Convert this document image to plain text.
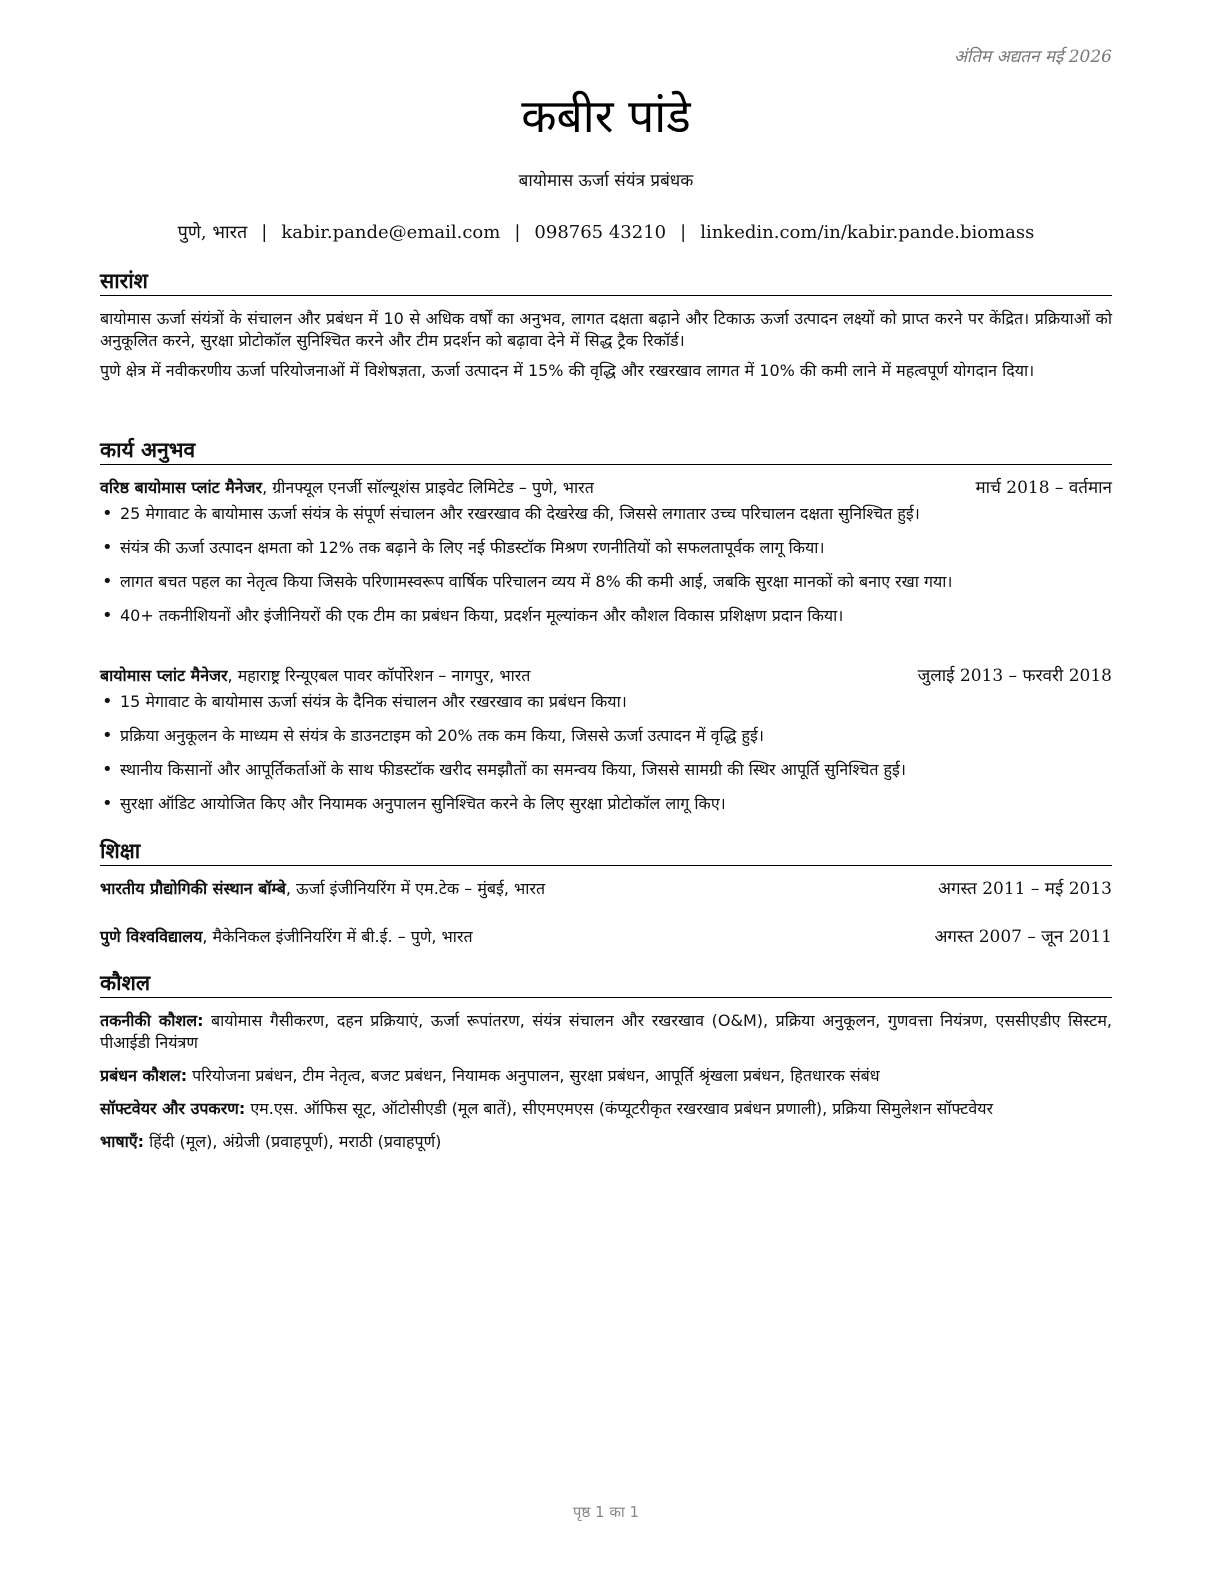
अंतिम अद्यतन मई 2026
कबीर पांडे
बायोमास ऊर्जा संयंत्र प्रबंधक
पुणे, भारत | kabir.pande@email.com | 098765 43210 | linkedin.com/in/kabir.pande.biomass
सारांश

बायोमास ऊर्जा संयंत्रों के संचालन और प्रबंधन में 10 से अधिक वर्षों का अनुभव, लागत दक्षता बढ़ाने और टिकाऊ ऊर्जा उत्पादन लक्ष्यों को प्राप्त करने पर केंद्रित। प्रक्रियाओं को अनुकूलित करने, सुरक्षा प्रोटोकॉल सुनिश्चित करने और टीम प्रदर्शन को बढ़ावा देने में सिद्ध ट्रैक रिकॉर्ड।

पुणे क्षेत्र में नवीकरणीय ऊर्जा परियोजनाओं में विशेषज्ञता, ऊर्जा उत्पादन में 15% की वृद्धि और रखरखाव लागत में 10% की कमी लाने में महत्वपूर्ण योगदान दिया।

कार्य अनुभव
वरिष्ठ बायोमास प्लांट मैनेजर, ग्रीनफ्यूल एनर्जी सॉल्यूशंस प्राइवेट लिमिटेड – पुणे, भारत	मार्च 2018 – वर्तमान
• 25 मेगावाट के बायोमास ऊर्जा संयंत्र के संपूर्ण संचालन और रखरखाव की देखरेख की, जिससे लगातार उच्च परिचालन दक्षता सुनिश्चित हुई।
• संयंत्र की ऊर्जा उत्पादन क्षमता को 12% तक बढ़ाने के लिए नई फीडस्टॉक मिश्रण रणनीतियों को सफलतापूर्वक लागू किया।
• लागत बचत पहल का नेतृत्व किया जिसके परिणामस्वरूप वार्षिक परिचालन व्यय में 8% की कमी आई, जबकि सुरक्षा मानकों को बनाए रखा गया।
• 40+ तकनीशियनों और इंजीनियरों की एक टीम का प्रबंधन किया, प्रदर्शन मूल्यांकन और कौशल विकास प्रशिक्षण प्रदान किया।
बायोमास प्लांट मैनेजर, महाराष्ट्र रिन्यूएबल पावर कॉर्पोरेशन – नागपुर, भारत	जुलाई 2013 – फरवरी 2018
• 15 मेगावाट के बायोमास ऊर्जा संयंत्र के दैनिक संचालन और रखरखाव का प्रबंधन किया।
• प्रक्रिया अनुकूलन के माध्यम से संयंत्र के डाउनटाइम को 20% तक कम किया, जिससे ऊर्जा उत्पादन में वृद्धि हुई।
• स्थानीय किसानों और आपूर्तिकर्ताओं के साथ फीडस्टॉक खरीद समझौतों का समन्वय किया, जिससे सामग्री की स्थिर आपूर्ति सुनिश्चित हुई।
• सुरक्षा ऑडिट आयोजित किए और नियामक अनुपालन सुनिश्चित करने के लिए सुरक्षा प्रोटोकॉल लागू किए।
शिक्षा
भारतीय प्रौद्योगिकी संस्थान बॉम्बे, ऊर्जा इंजीनियरिंग में एम.टेक – मुंबई, भारत	अगस्त 2011 – मई 2013
पुणे विश्वविद्यालय, मैकेनिकल इंजीनियरिंग में बी.ई. – पुणे, भारत	अगस्त 2007 – जून 2011
कौशल

तकनीकी कौशल: बायोमास गैसीकरण, दहन प्रक्रियाएं, ऊर्जा रूपांतरण, संयंत्र संचालन और रखरखाव (O&M), प्रक्रिया अनुकूलन, गुणवत्ता नियंत्रण, एससीएडीए सिस्टम, पीआईडी नियंत्रण

प्रबंधन कौशल: परियोजना प्रबंधन, टीम नेतृत्व, बजट प्रबंधन, नियामक अनुपालन, सुरक्षा प्रबंधन, आपूर्ति श्रृंखला प्रबंधन, हितधारक संबंध

सॉफ्टवेयर और उपकरण: एम.एस. ऑफिस सूट, ऑटोसीएडी (मूल बातें), सीएमएमएस (कंप्यूटरीकृत रखरखाव प्रबंधन प्रणाली), प्रक्रिया सिमुलेशन सॉफ्टवेयर

भाषाएँ: हिंदी (मूल), अंग्रेजी (प्रवाहपूर्ण), मराठी (प्रवाहपूर्ण)

पृष्ठ 1 का 1
